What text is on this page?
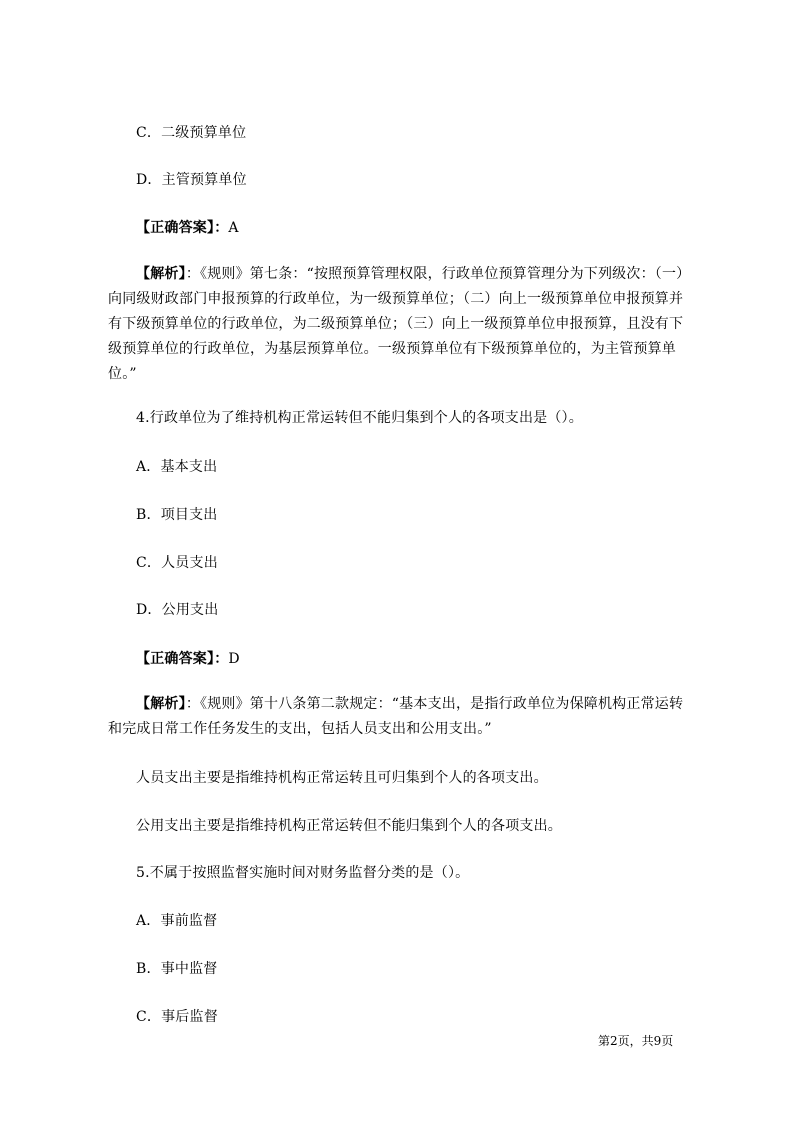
C．二级预算单位
D．主管预算单位
【正确答案】：A
【解析】：《规则》第七条：“按照预算管理权限，行政单位预算管理分为下列级次：（一）向同级财政部门申报预算的行政单位，为一级预算单位；（二）向上一级预算单位申报预算并有下级预算单位的行政单位，为二级预算单位；（三）向上一级预算单位申报预算，且没有下级预算单位的行政单位，为基层预算单位。一级预算单位有下级预算单位的，为主管预算单位。”
4.行政单位为了维持机构正常运转但不能归集到个人的各项支出是（）。
A．基本支出
B．项目支出
C．人员支出
D．公用支出
【正确答案】：D
【解析】：《规则》第十八条第二款规定：“基本支出，是指行政单位为保障机构正常运转和完成日常工作任务发生的支出，包括人员支出和公用支出。”
人员支出主要是指维持机构正常运转且可归集到个人的各项支出。
公用支出主要是指维持机构正常运转但不能归集到个人的各项支出。
5.不属于按照监督实施时间对财务监督分类的是（）。
A．事前监督
B．事中监督
C．事后监督
第2页，共9页
